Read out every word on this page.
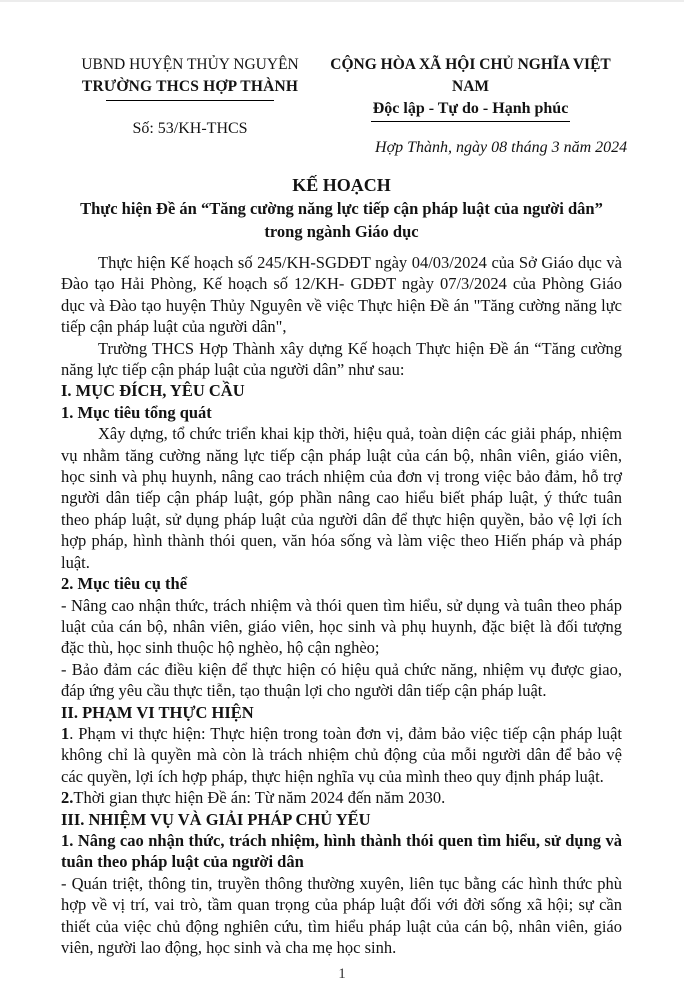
UBND HUYỆN THỦY NGUYÊN
TRƯỜNG THCS HỢP THÀNH
Số: 53/KH-THCS
CỘNG HÒA XÃ HỘI CHỦ NGHĨA VIỆT NAM
Độc lập - Tự do - Hạnh phúc
Hợp Thành, ngày 08 tháng 3 năm 2024
KẾ HOẠCH
Thực hiện Đề án “Tăng cường năng lực tiếp cận pháp luật của người dân”
trong ngành Giáo dục

Thực hiện Kế hoạch số 245/KH-SGDĐT ngày 04/03/2024 của Sở Giáo dục và Đào tạo Hải Phòng, Kế hoạch số 12/KH- GDĐT ngày 07/3/2024 của Phòng Giáo dục và Đào tạo huyện Thủy Nguyên về việc Thực hiện Đề án "Tăng cường năng lực tiếp cận pháp luật của người dân",

Trường THCS Hợp Thành xây dựng Kế hoạch Thực hiện Đề án “Tăng cường năng lực tiếp cận pháp luật của người dân” như sau:

I. MỤC ĐÍCH, YÊU CẦU

1. Mục tiêu tổng quát

Xây dựng, tổ chức triển khai kịp thời, hiệu quả, toàn diện các giải pháp, nhiệm vụ nhằm tăng cường năng lực tiếp cận pháp luật của cán bộ, nhân viên, giáo viên, học sinh và phụ huynh, nâng cao trách nhiệm của đơn vị trong việc bảo đảm, hỗ trợ người dân tiếp cận pháp luật, góp phần nâng cao hiểu biết pháp luật, ý thức tuân theo pháp luật, sử dụng pháp luật của người dân để thực hiện quyền, bảo vệ lợi ích hợp pháp, hình thành thói quen, văn hóa sống và làm việc theo Hiến pháp và pháp luật.

2. Mục tiêu cụ thể

- Nâng cao nhận thức, trách nhiệm và thói quen tìm hiểu, sử dụng và tuân theo pháp luật của cán bộ, nhân viên, giáo viên, học sinh và phụ huynh, đặc biệt là đối tượng đặc thù, học sinh thuộc hộ nghèo, hộ cận nghèo;

- Bảo đảm các điều kiện để thực hiện có hiệu quả chức năng, nhiệm vụ được giao, đáp ứng yêu cầu thực tiễn, tạo thuận lợi cho người dân tiếp cận pháp luật.

II. PHẠM VI THỰC HIỆN

1. Phạm vi thực hiện: Thực hiện trong toàn đơn vị, đảm bảo việc tiếp cận pháp luật không chỉ là quyền mà còn là trách nhiệm chủ động của mỗi người dân để bảo vệ các quyền, lợi ích hợp pháp, thực hiện nghĩa vụ của mình theo quy định pháp luật.

2.Thời gian thực hiện Đề án: Từ năm 2024 đến năm 2030.

III. NHIỆM VỤ VÀ GIẢI PHÁP CHỦ YẾU

1. Nâng cao nhận thức, trách nhiệm, hình thành thói quen tìm hiểu, sử dụng và tuân theo pháp luật của người dân

- Quán triệt, thông tin, truyền thông thường xuyên, liên tục bằng các hình thức phù hợp về vị trí, vai trò, tầm quan trọng của pháp luật đối với đời sống xã hội; sự cần thiết của việc chủ động nghiên cứu, tìm hiểu pháp luật của cán bộ, nhân viên, giáo viên, người lao động, học sinh và cha mẹ học sinh.

1
